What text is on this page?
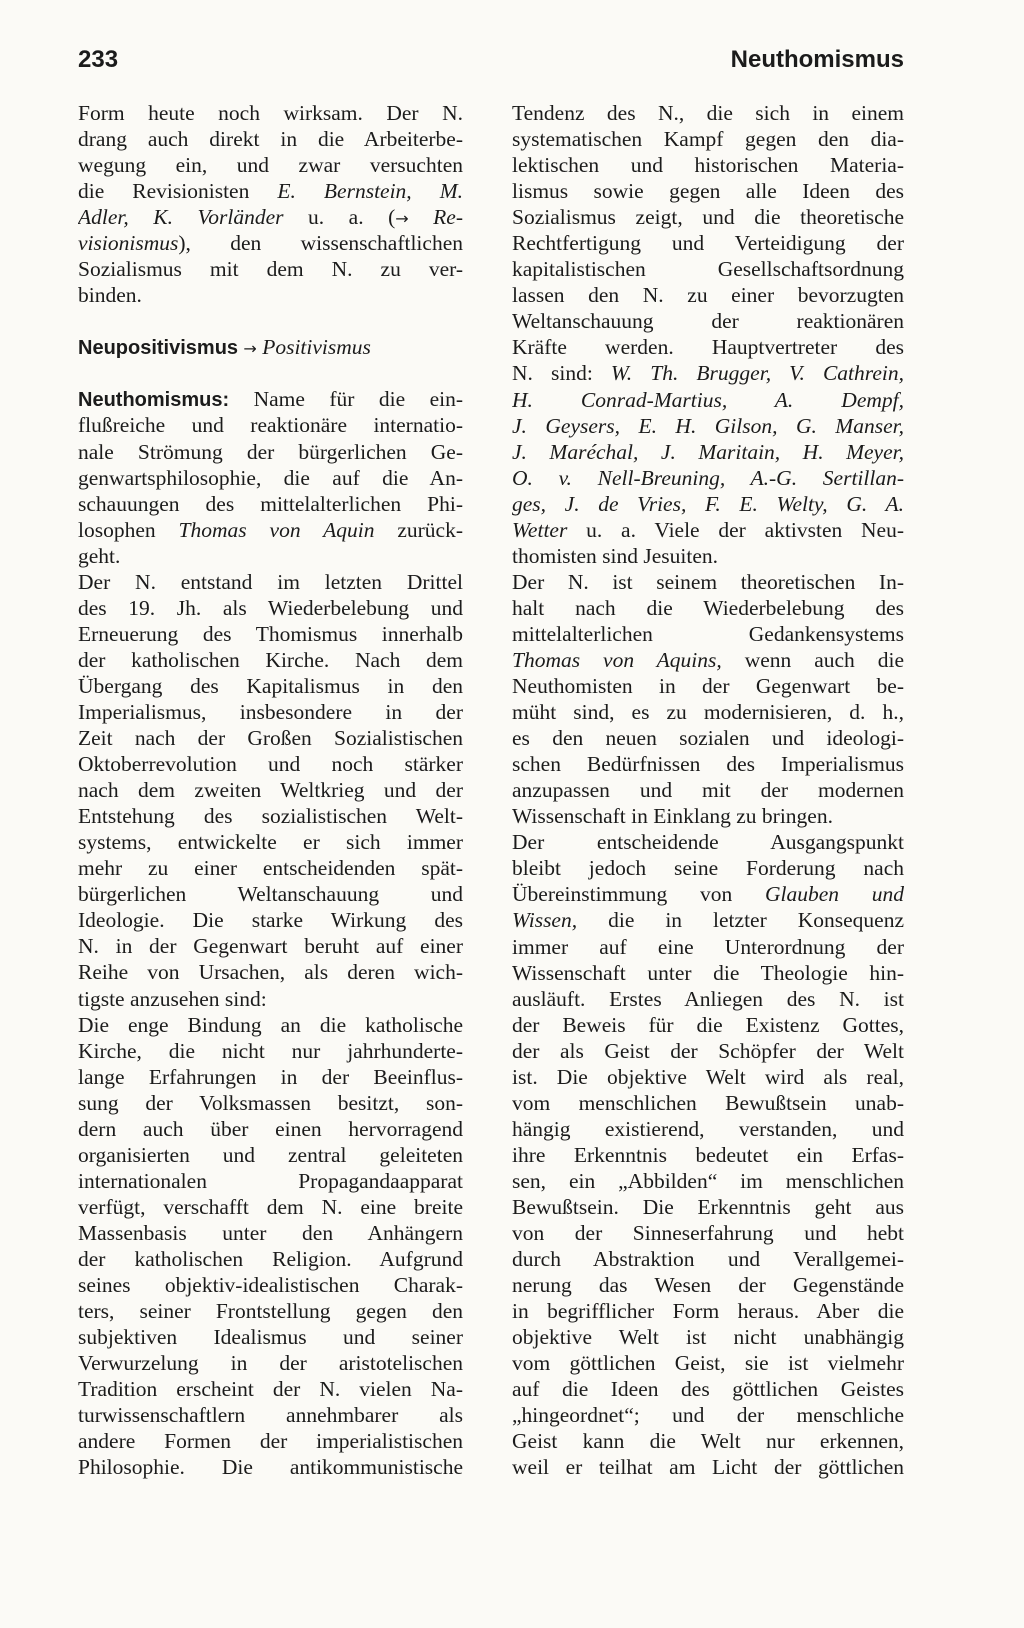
233	Neuthomismus
Form heute noch wirksam. Der N.
drang auch direkt in die Arbeiterbe-
wegung ein, und zwar versuchten
die Revisionisten E. Bernstein, M.
Adler, K. Vorländer u. a. (→ Re-
visionismus), den wissenschaftlichen
Sozialismus mit dem N. zu ver-
binden.
Neupositivismus → Positivismus
Neuthomismus: Name für die ein-
flußreiche und reaktionäre internatio-
nale Strömung der bürgerlichen Ge-
genwartsphilosophie, die auf die An-
schauungen des mittelalterlichen Phi-
losophen Thomas von Aquin zurück-
geht.
Der N. entstand im letzten Drittel
des 19. Jh. als Wiederbelebung und
Erneuerung des Thomismus innerhalb
der katholischen Kirche. Nach dem
Übergang des Kapitalismus in den
Imperialismus, insbesondere in der
Zeit nach der Großen Sozialistischen
Oktoberrevolution und noch stärker
nach dem zweiten Weltkrieg und der
Entstehung des sozialistischen Welt-
systems, entwickelte er sich immer
mehr zu einer entscheidenden spät-
bürgerlichen Weltanschauung und
Ideologie. Die starke Wirkung des
N. in der Gegenwart beruht auf einer
Reihe von Ursachen, als deren wich-
tigste anzusehen sind:
Die enge Bindung an die katholische
Kirche, die nicht nur jahrhunderte-
lange Erfahrungen in der Beeinflus-
sung der Volksmassen besitzt, son-
dern auch über einen hervorragend
organisierten und zentral geleiteten
internationalen Propagandaapparat
verfügt, verschafft dem N. eine breite
Massenbasis unter den Anhängern
der katholischen Religion. Aufgrund
seines objektiv-idealistischen Charak-
ters, seiner Frontstellung gegen den
subjektiven Idealismus und seiner
Verwurzelung in der aristotelischen
Tradition erscheint der N. vielen Na-
turwissenschaftlern annehmbarer als
andere Formen der imperialistischen
Philosophie. Die antikommunistische
Tendenz des N., die sich in einem
systematischen Kampf gegen den dia-
lektischen und historischen Materia-
lismus sowie gegen alle Ideen des
Sozialismus zeigt, und die theoretische
Rechtfertigung und Verteidigung der
kapitalistischen Gesellschaftsordnung
lassen den N. zu einer bevorzugten
Weltanschauung der reaktionären
Kräfte werden. Hauptvertreter des
N. sind: W. Th. Brugger, V. Cathrein,
H. Conrad-Martius, A. Dempf,
J. Geysers, E. H. Gilson, G. Manser,
J. Maréchal, J. Maritain, H. Meyer,
O. v. Nell-Breuning, A.-G. Sertillan-
ges, J. de Vries, F. E. Welty, G. A.
Wetter u. a. Viele der aktivsten Neu-
thomisten sind Jesuiten.
Der N. ist seinem theoretischen In-
halt nach die Wiederbelebung des
mittelalterlichen Gedankensystems
Thomas von Aquins, wenn auch die
Neuthomisten in der Gegenwart be-
müht sind, es zu modernisieren, d. h.,
es den neuen sozialen und ideologi-
schen Bedürfnissen des Imperialismus
anzupassen und mit der modernen
Wissenschaft in Einklang zu bringen.
Der entscheidende Ausgangspunkt
bleibt jedoch seine Forderung nach
Übereinstimmung von Glauben und
Wissen, die in letzter Konsequenz
immer auf eine Unterordnung der
Wissenschaft unter die Theologie hin-
ausläuft. Erstes Anliegen des N. ist
der Beweis für die Existenz Gottes,
der als Geist der Schöpfer der Welt
ist. Die objektive Welt wird als real,
vom menschlichen Bewußtsein unab-
hängig existierend, verstanden, und
ihre Erkenntnis bedeutet ein Erfas-
sen, ein „Abbilden“ im menschlichen
Bewußtsein. Die Erkenntnis geht aus
von der Sinneserfahrung und hebt
durch Abstraktion und Verallgemei-
nerung das Wesen der Gegenstände
in begrifflicher Form heraus. Aber die
objektive Welt ist nicht unabhängig
vom göttlichen Geist, sie ist vielmehr
auf die Ideen des göttlichen Geistes
„hingeordnet“; und der menschliche
Geist kann die Welt nur erkennen,
weil er teilhat am Licht der göttlichen
